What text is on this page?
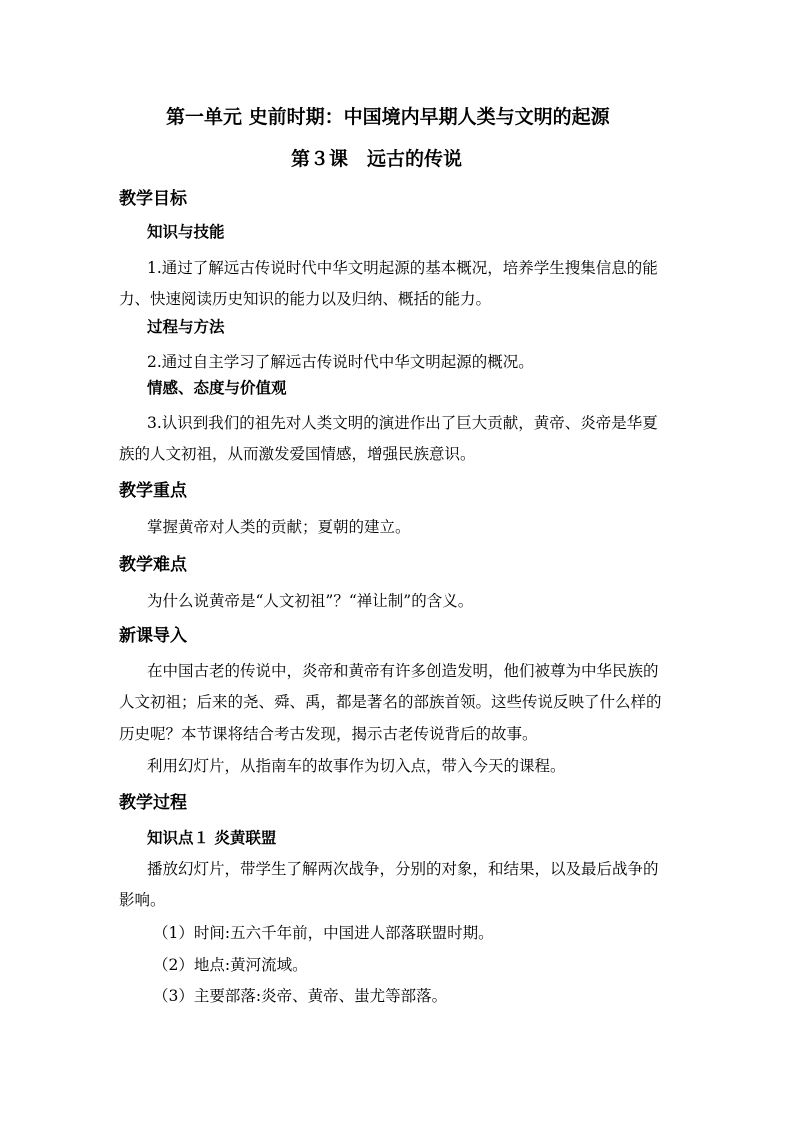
第一单元 史前时期：中国境内早期人类与文明的起源
第３课　远古的传说
教学目标
知识与技能
1.通过了解远古传说时代中华文明起源的基本概况，培养学生搜集信息的能
力、快速阅读历史知识的能力以及归纳、概括的能力。
过程与方法
2.通过自主学习了解远古传说时代中华文明起源的概况。
情感、态度与价值观
3.认识到我们的祖先对人类文明的演进作出了巨大贡献，黄帝、炎帝是华夏
族的人文初祖，从而激发爱国情感，增强民族意识。
教学重点
掌握黄帝对人类的贡献；夏朝的建立。
教学难点
为什么说黄帝是“人文初祖”？“禅让制”的含义。
新课导入
在中国古老的传说中，炎帝和黄帝有许多创造发明，他们被尊为中华民族的
人文初祖；后来的尧、舜、禹，都是著名的部族首领。这些传说反映了什么样的
历史呢？本节课将结合考古发现，揭示古老传说背后的故事。
利用幻灯片，从指南车的故事作为切入点，带入今天的课程。
教学过程
知识点１ 炎黄联盟
播放幻灯片，带学生了解两次战争，分别的对象，和结果，以及最后战争的
影响。
（1）时间:五六千年前，中国进人部落联盟时期。
（2）地点:黄河流域。
（3）主要部落:炎帝、黄帝、蚩尤等部落。
